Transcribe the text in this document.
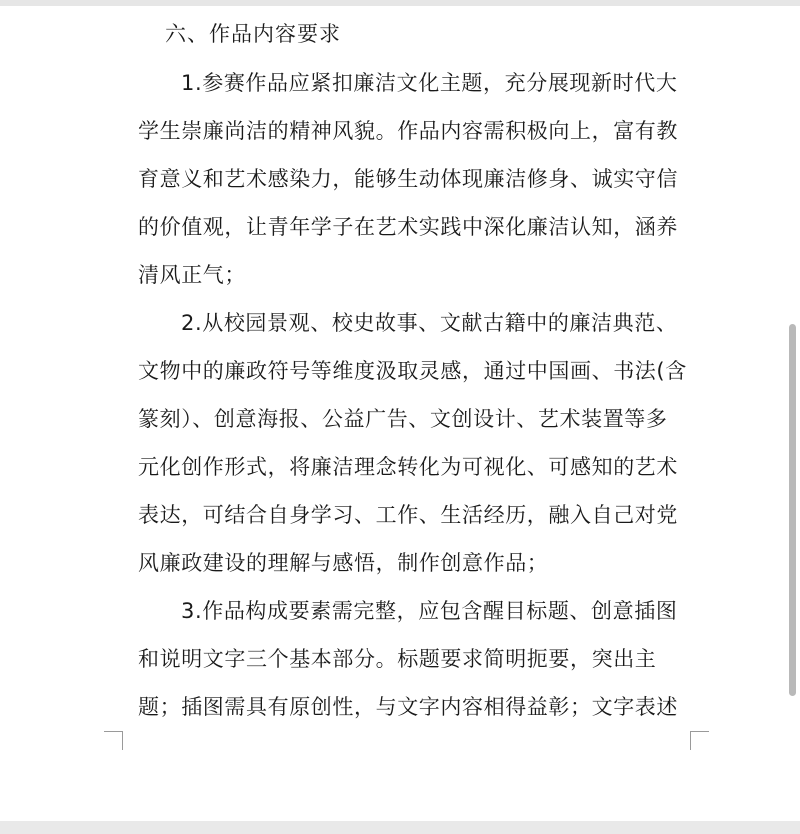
六、作品内容要求
1.参赛作品应紧扣廉洁文化主题，充分展现新时代大
学生崇廉尚洁的精神风貌。作品内容需积极向上，富有教
育意义和艺术感染力，能够生动体现廉洁修身、诚实守信
的价值观，让青年学子在艺术实践中深化廉洁认知，涵养
清风正气；
2.从校园景观、校史故事、文献古籍中的廉洁典范、
文物中的廉政符号等维度汲取灵感，通过中国画、书法(含
篆刻）、创意海报、公益广告、文创设计、艺术装置等多
元化创作形式，将廉洁理念转化为可视化、可感知的艺术
表达，可结合自身学习、工作、生活经历，融入自己对党
风廉政建设的理解与感悟，制作创意作品；
3.作品构成要素需完整，应包含醒目标题、创意插图
和说明文字三个基本部分。标题要求简明扼要，突出主
题；插图需具有原创性，与文字内容相得益彰；文字表述
